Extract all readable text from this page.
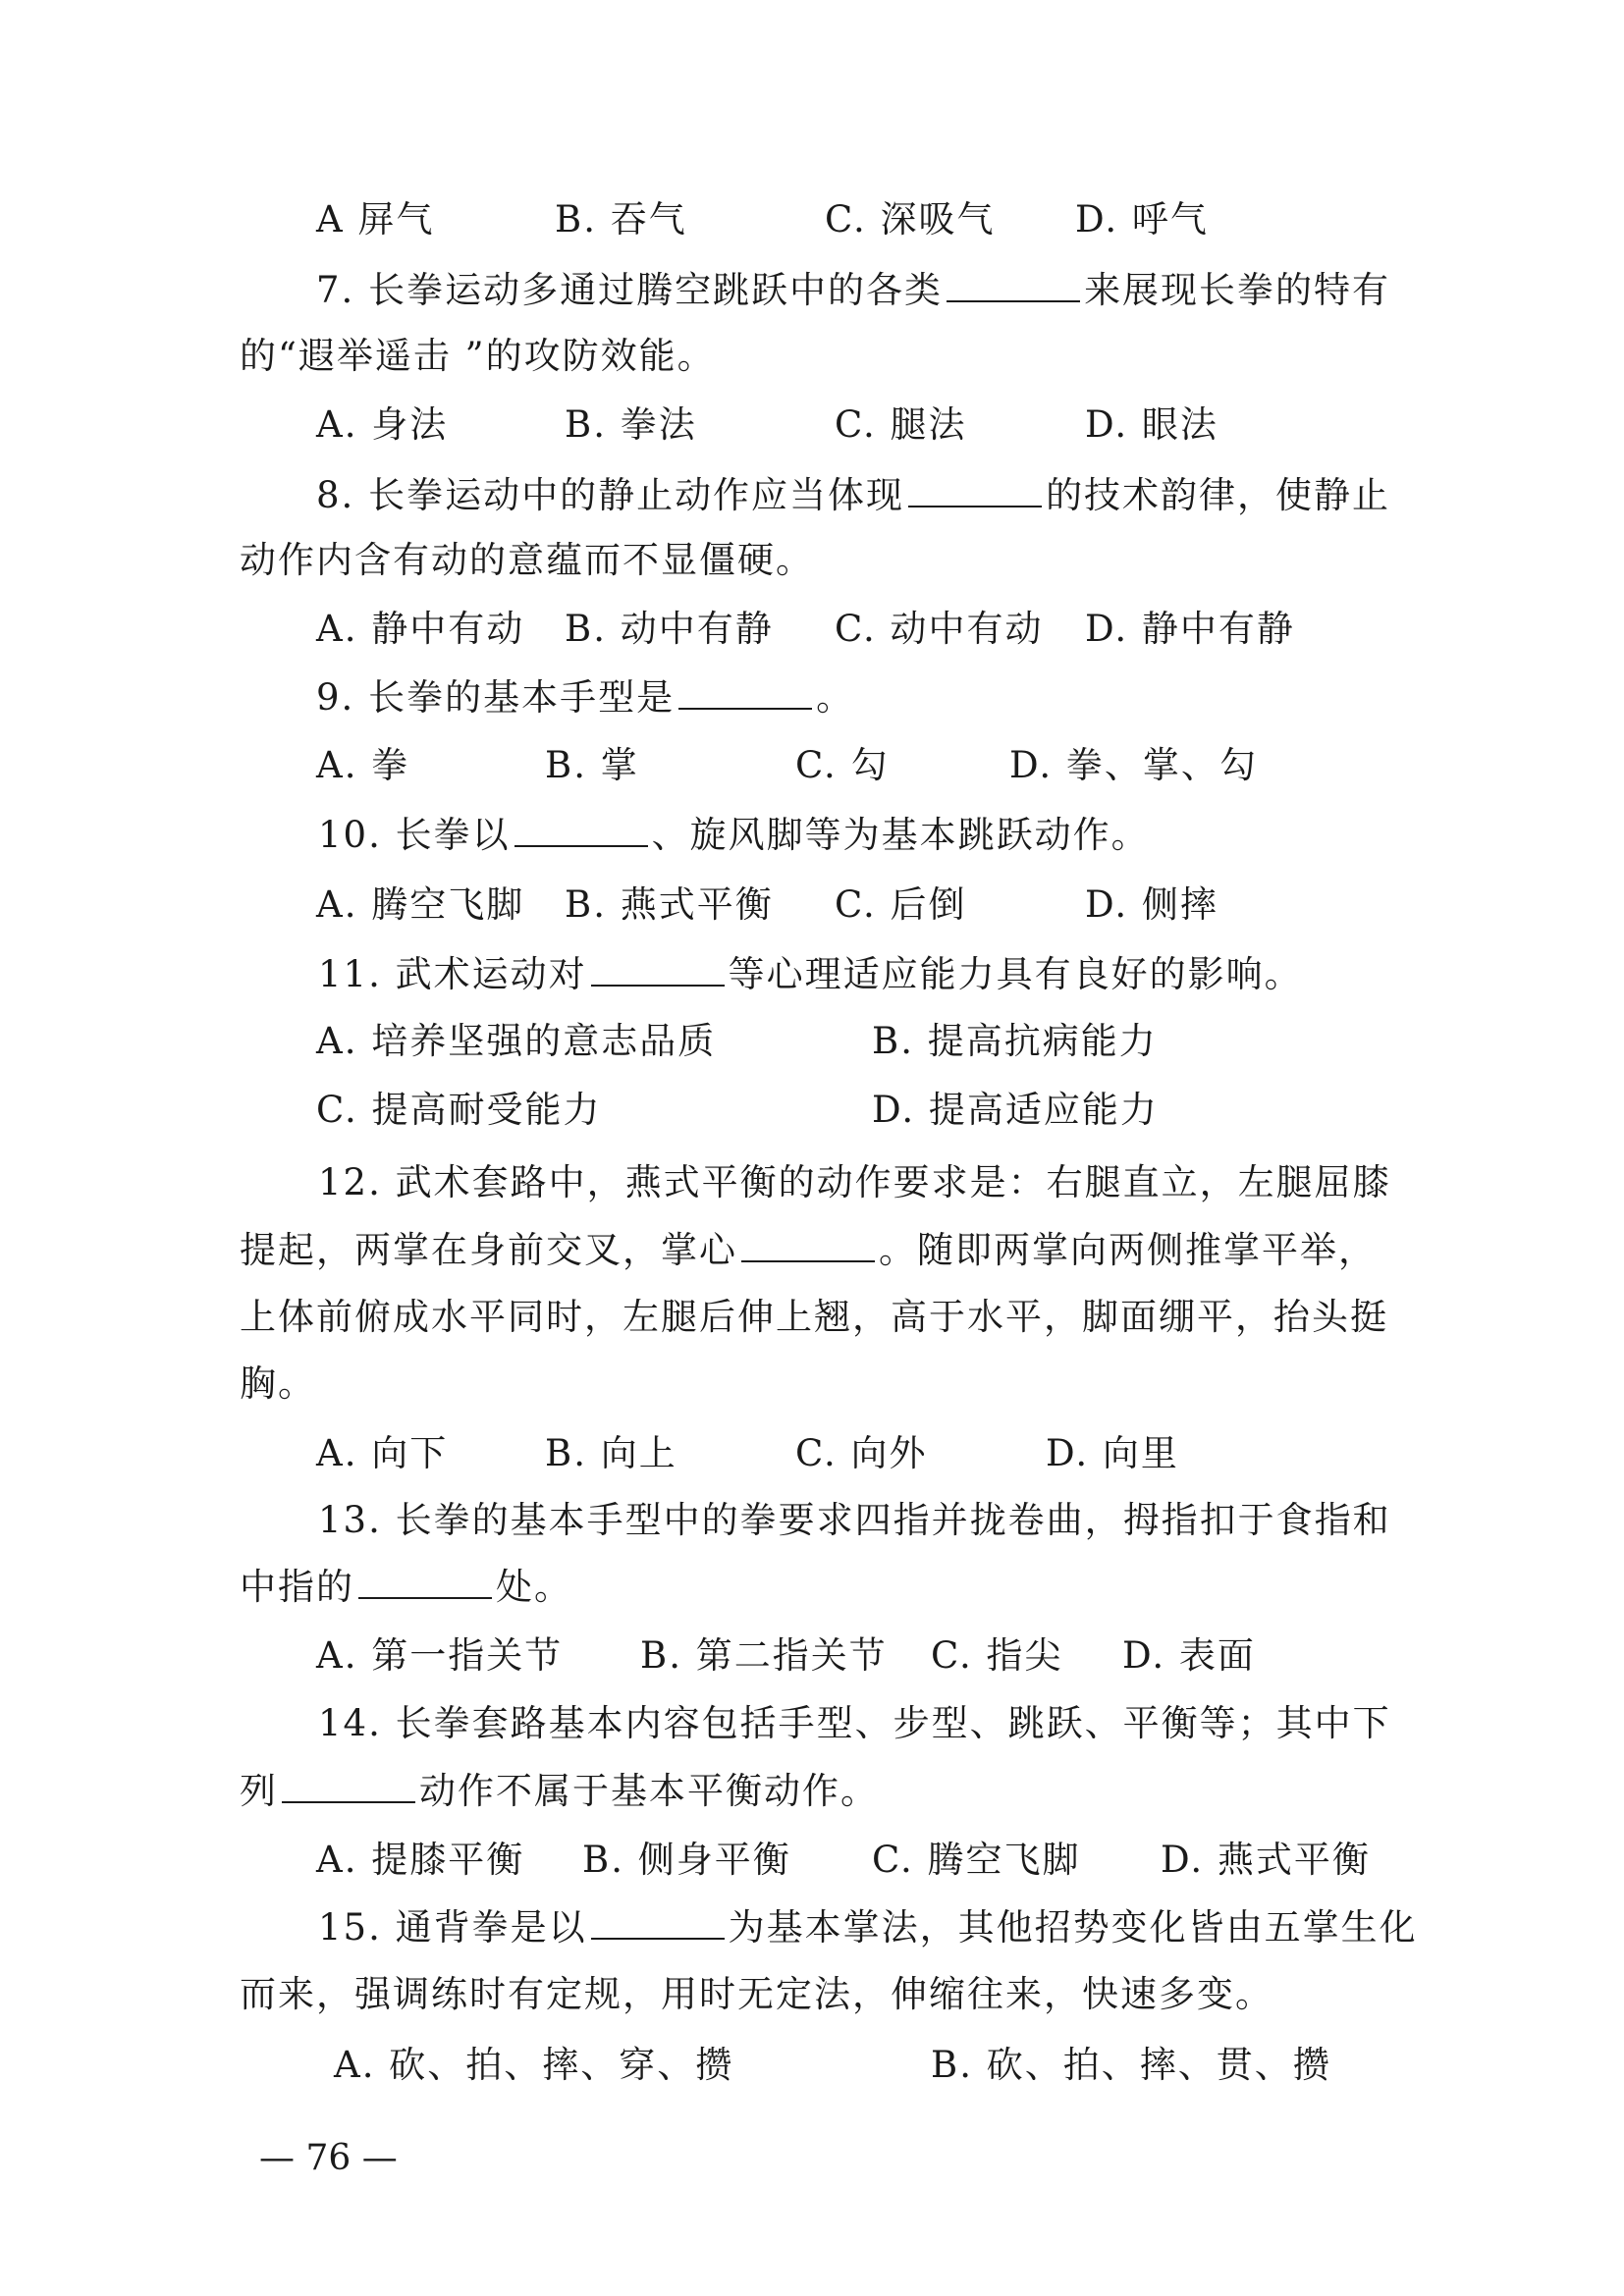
A 屏气	B. 吞气	C. 深吸气 D. 呼气
7. 长拳运动多通过腾空跳跃中的各类	来展现长拳的特有
的“遐举遥击 ”的攻防效能。
A. 身法	B. 拳法	C. 腿法	D. 眼法
8. 长拳运动中的静止动作应当体现	的技术韵律，使静止
动作内含有动的意蕴而不显僵硬。
A. 静中有动 B. 动中有静 C. 动中有动 D. 静中有静
9. 长拳的基本手型是	。
A. 拳	B. 掌	C. 勾	D. 拳、掌、勾
10. 长拳以	、旋风脚等为基本跳跃动作。
A. 腾空飞脚 B. 燕式平衡 C. 后倒	D. 侧摔
11. 武术运动对	等心理适应能力具有良好的影响。
A. 培养坚强的意志品质	B. 提高抗病能力
C. 提高耐受能力	D. 提高适应能力
12. 武术套路中，燕式平衡的动作要求是：右腿直立，左腿屈膝
提起，两掌在身前交叉，掌心	。随即两掌向两侧推掌平举，
上体前俯成水平同时，左腿后伸上翘，高于水平，脚面绷平，抬头挺
胸。
A. 向下	B. 向上	C. 向外	D. 向里
13. 长拳的基本手型中的拳要求四指并拢卷曲，拇指扣于食指和
中指的	处。
A. 第一指关节 B. 第二指关节 C. 指尖 D. 表面
14. 长拳套路基本内容包括手型、步型、跳跃、平衡等；其中下
列	动作不属于基本平衡动作。
A. 提膝平衡 B. 侧身平衡 C. 腾空飞脚 D. 燕式平衡
15. 通背拳是以	为基本掌法，其他招势变化皆由五掌生化
而来，强调练时有定规，用时无定法，伸缩往来，快速多变。
A. 砍、拍、摔、穿、攒	B. 砍、拍、摔、贯、攒
— 76 —
